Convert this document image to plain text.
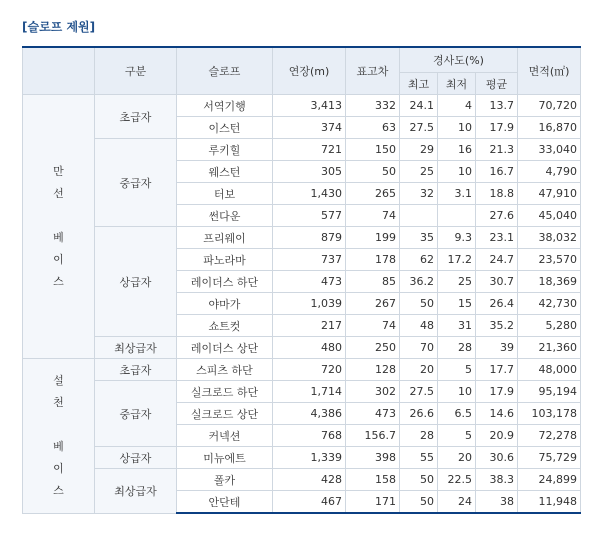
[슬로프 제원]
	구분	슬로프	연장(m)	표고차	경사도(%)			면적(㎡)
					최고	최저	평균	

만
선
베
이
스	초급자	서역기행	3,413	332	24.1	4	13.7	70,720
		이스턴	374	63	27.5	10	17.9	16,870
	중급자	루키힐	721	150	29	16	21.3	33,040
		웨스턴	305	50	25	10	16.7	4,790
		터보	1,430	265	32	3.1	18.8	47,910
		썬다운	577	74			27.6	45,040
	상급자	프리웨이	879	199	35	9.3	23.1	38,032
		파노라마	737	178	62	17.2	24.7	23,570
		레이더스 하단	473	85	36.2	25	30.7	18,369
		야마가	1,039	267	50	15	26.4	42,730
		쇼트컷	217	74	48	31	35.2	5,280
	최상급자	레이더스 상단	480	250	70	28	39	21,360

설
천
베
이
스	초급자	스피츠 하단	720	128	20	5	17.7	48,000
	중급자	실크로드 하단	1,714	302	27.5	10	17.9	95,194
		실크로드 상단	4,386	473	26.6	6.5	14.6	103,178
		커넥션	768	156.7	28	5	20.9	72,278
	상급자	미뉴에트	1,339	398	55	20	30.6	75,729
	최상급자	폴카	428	158	50	22.5	38.3	24,899
		안단테	467	171	50	24	38	11,948
